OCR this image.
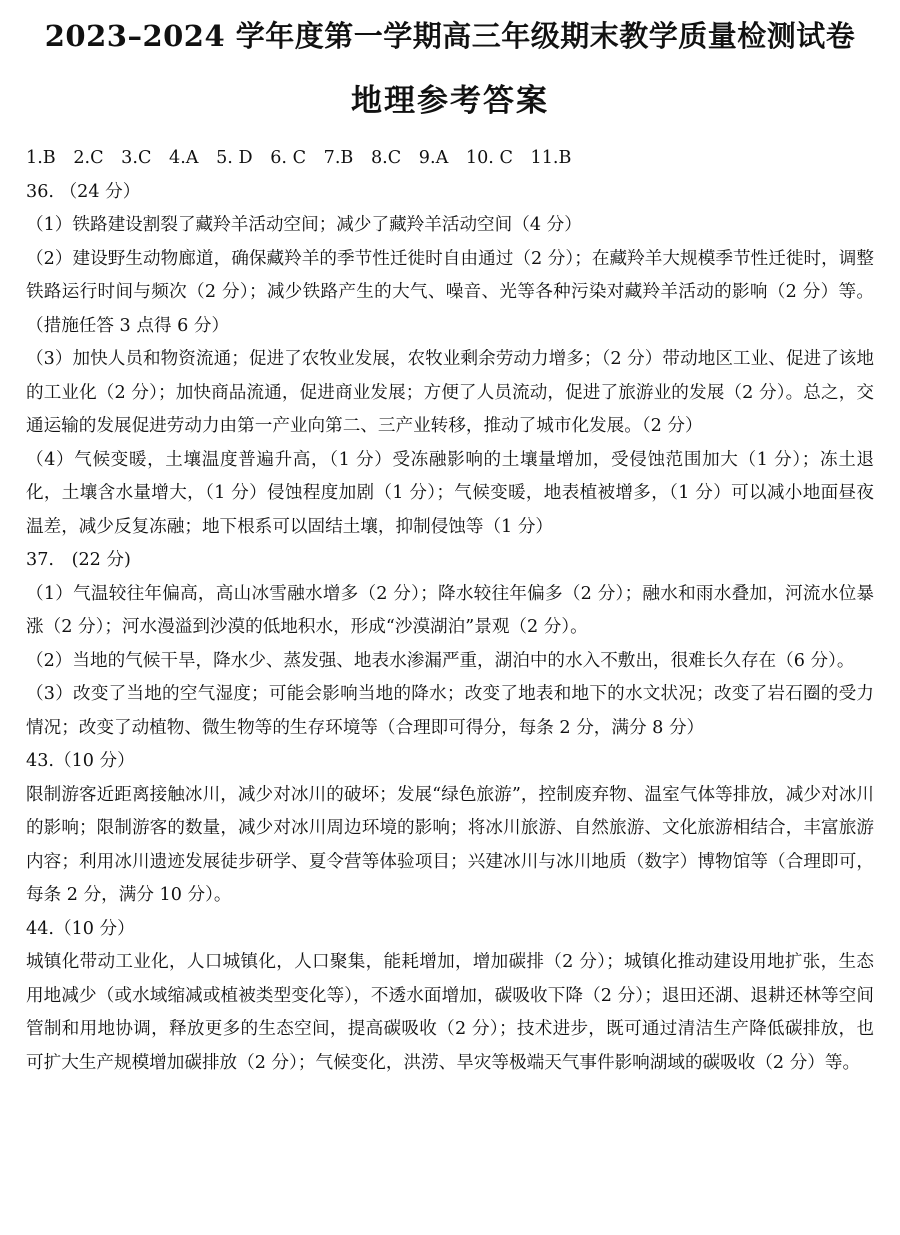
2023–2024 学年度第一学期高三年级期末教学质量检测试卷
地理参考答案

1.B 2.C 3.C 4.A 5. D 6. C 7.B 8.C 9.A 10. C 11.B

36. （24 分）

（1）铁路建设割裂了藏羚羊活动空间；减少了藏羚羊活动空间（4 分）

（2）建设野生动物廊道，确保藏羚羊的季节性迁徙时自由通过（2 分）；在藏羚羊大规模季节性迁徙时，调整铁路运行时间与频次（2 分）；减少铁路产生的大气、噪音、光等各种污染对藏羚羊活动的影响（2 分）等。（措施任答 3 点得 6 分）

（3）加快人员和物资流通；促进了农牧业发展，农牧业剩余劳动力增多；（2 分）带动地区工业、促进了该地的工业化（2 分）；加快商品流通，促进商业发展；方便了人员流动，促进了旅游业的发展（2 分）。总之，交通运输的发展促进劳动力由第一产业向第二、三产业转移，推动了城市化发展。（2 分）

（4）气候变暖，土壤温度普遍升高，（1 分）受冻融影响的土壤量增加，受侵蚀范围加大（1 分）；冻土退化，土壤含水量增大，（1 分）侵蚀程度加剧（1 分）；气候变暖，地表植被增多，（1 分）可以减小地面昼夜温差，减少反复冻融；地下根系可以固结土壤，抑制侵蚀等（1 分）

37.　(22 分)

（1）气温较往年偏高，高山冰雪融水增多（2 分）；降水较往年偏多（2 分）；融水和雨水叠加，河流水位暴涨（2 分）；河水漫溢到沙漠的低地积水，形成“沙漠湖泊”景观（2 分）。

（2）当地的气候干旱，降水少、蒸发强、地表水渗漏严重，湖泊中的水入不敷出，很难长久存在（6 分）。

（3）改变了当地的空气湿度；可能会影响当地的降水；改变了地表和地下的水文状况；改变了岩石圈的受力情况；改变了动植物、微生物等的生存环境等（合理即可得分，每条 2 分，满分 8 分）

43.（10 分）

限制游客近距离接触冰川，减少对冰川的破坏；发展“绿色旅游”，控制废弃物、温室气体等排放，减少对冰川的影响；限制游客的数量，减少对冰川周边环境的影响；将冰川旅游、自然旅游、文化旅游相结合，丰富旅游内容；利用冰川遗迹发展徒步研学、夏令营等体验项目；兴建冰川与冰川地质（数字）博物馆等（合理即可，每条 2 分，满分 10 分）。

44.（10 分）

城镇化带动工业化，人口城镇化，人口聚集，能耗增加，增加碳排（2 分）；城镇化推动建设用地扩张，生态用地减少（或水域缩减或植被类型变化等），不透水面增加，碳吸收下降（2 分）；退田还湖、退耕还林等空间管制和用地协调，释放更多的生态空间，提高碳吸收（2 分）；技术进步，既可通过清洁生产降低碳排放，也可扩大生产规模增加碳排放（2 分）；气候变化，洪涝、旱灾等极端天气事件影响湖域的碳吸收（2 分）等。
